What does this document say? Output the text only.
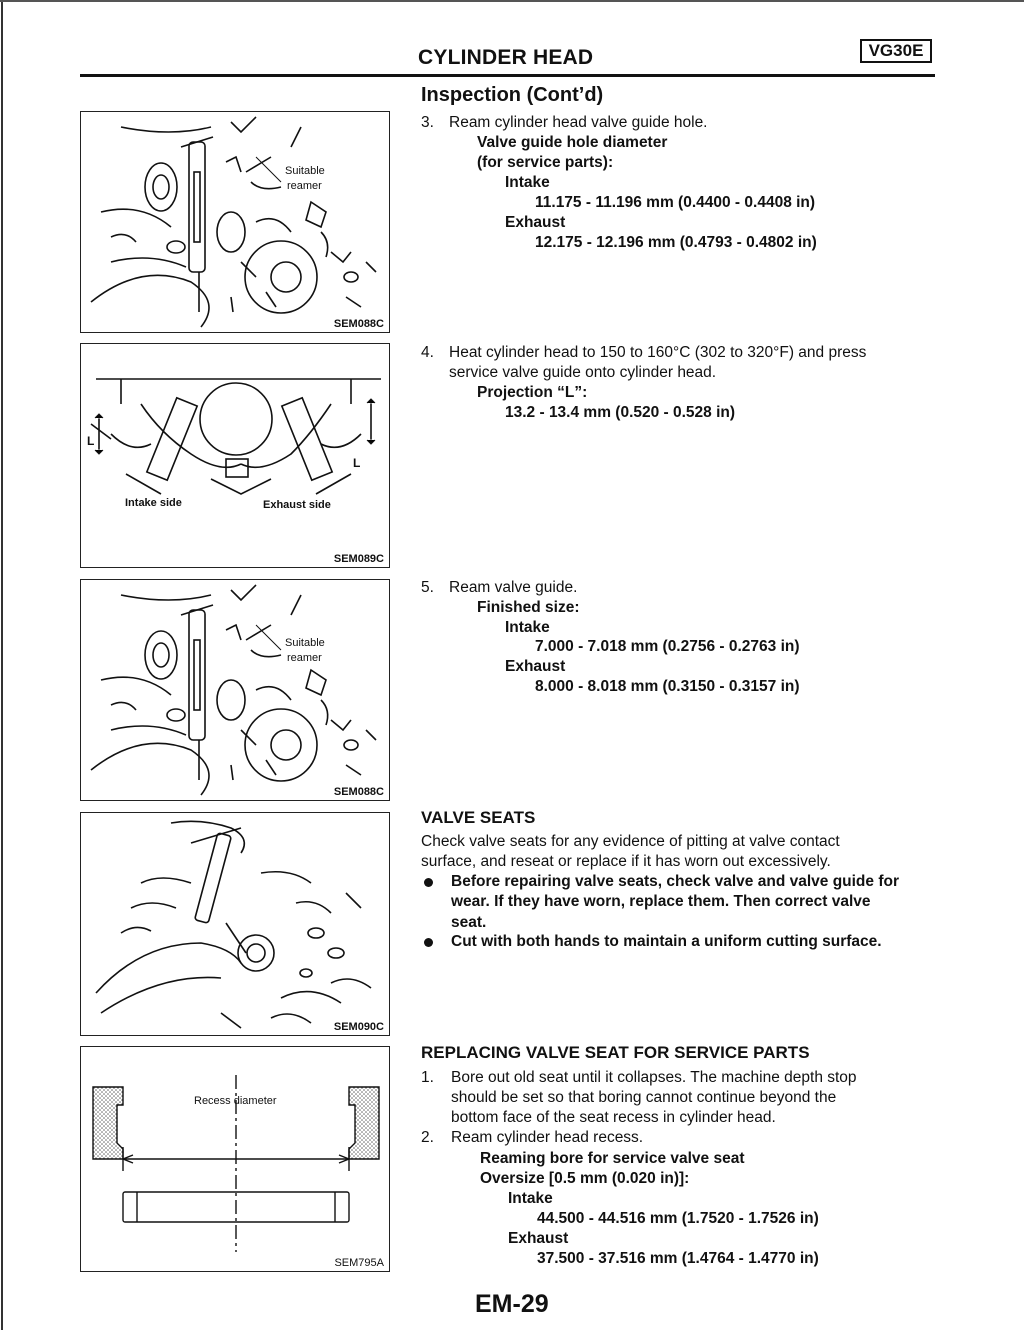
CYLINDER HEAD	VG30E
Inspection (Cont’d)
Suitable
reamer
SEM088C
L
L
Intake side	Exhaust side
SEM089C
Suitable
reamer
SEM088C
SEM090C
Recess diameter
SEM795A
3. Ream cylinder head valve guide hole.
Valve guide hole diameter
(for service parts):
Intake
11.175 - 11.196 mm (0.4400 - 0.4408 in)
Exhaust
12.175 - 12.196 mm (0.4793 - 0.4802 in)
4. Heat cylinder head to 150 to 160°C (302 to 320°F) and press
service valve guide onto cylinder head.
Projection “L”:
13.2 - 13.4 mm (0.520 - 0.528 in)
5. Ream valve guide.
Finished size:
Intake
7.000 - 7.018 mm (0.2756 - 0.2763 in)
Exhaust
8.000 - 8.018 mm (0.3150 - 0.3157 in)
VALVE SEATS
Check valve seats for any evidence of pitting at valve contact
surface, and reseat or replace if it has worn out excessively.
Before repairing valve seats, check valve and valve guide for
wear. If they have worn, replace them. Then correct valve
seat.
Cut with both hands to maintain a uniform cutting surface.
REPLACING VALVE SEAT FOR SERVICE PARTS
1. Bore out old seat until it collapses. The machine depth stop
should be set so that boring cannot continue beyond the
bottom face of the seat recess in cylinder head.
2. Ream cylinder head recess.
Reaming bore for service valve seat
Oversize [0.5 mm (0.020 in)]:
Intake
44.500 - 44.516 mm (1.7520 - 1.7526 in)
Exhaust
37.500 - 37.516 mm (1.4764 - 1.4770 in)
EM-29
